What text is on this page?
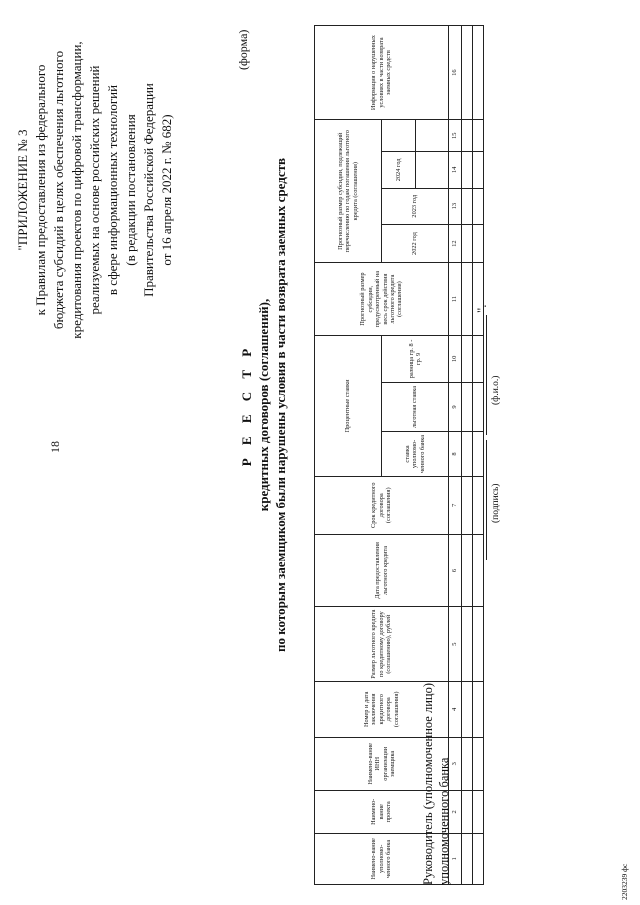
18
"ПРИЛОЖЕНИЕ № 3 к Правилам предоставления из федерального бюджета субсидий в целях обеспечения льготного кредитования проектов по цифровой трансформации, реализуемых на основе российских решений в сфере информационных технологий (в редакции постановления Правительства Российской Федерации от 16 апреля 2022 г. № 682)
(форма)
Р Е Е С Т Р кредитных договоров (соглашений), по которым заемщиком были нарушены условия в части возврата заемных средств
Наимено-вание уполномо-ченного банка	Наимено-вание проекта	Наимено-вание ИНН организации заемщика	Номер и дата заключения кредитного договора (соглашения)	Размер льготного кредита по кредитному договору (соглашению), рублей	Дата предоставления льготного кредита	Срок кредитного договора (соглашения)	Процентные ставки			Прогнозный размер субсидии, предусмотренный на весь срок действия льготного кредита (соглашения)	Прогнозный размер субсидии, подлежащий перечислению по годам погашения льготного кредита (соглашения)				Информация о нарушенных условиях в части возврата заемных средств
							ставка уполномо-ченного банка	льготная ставка	разница гр. 8 - гр. 9		2022 год	2023 год	2024 год		

1	2	3	4	5	6	7	8	9	10	11	12	13	14	15	16

Руководитель (уполномоченное лицо) уполномоченного банка
".
(подпись)
(ф.и.о.)
2203239 фс
